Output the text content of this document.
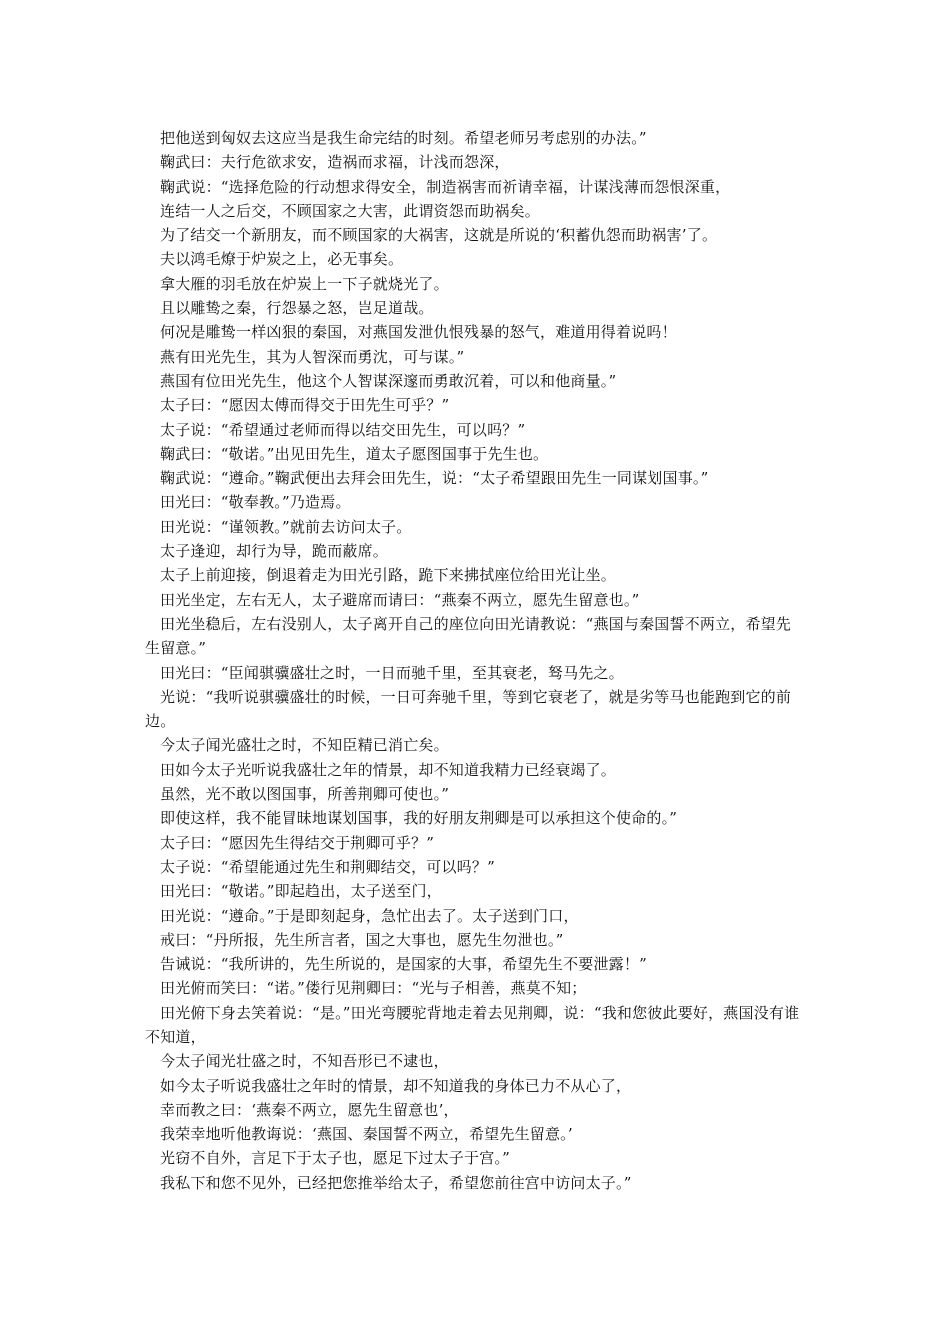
把他送到匈奴去这应当是我生命完结的时刻。希望老师另考虑别的办法。”
鞠武曰：夫行危欲求安，造祸而求福，计浅而怨深，
鞠武说：“选择危险的行动想求得安全，制造祸害而祈请幸福，计谋浅薄而怨恨深重，
连结一人之后交，不顾国家之大害，此谓资怨而助祸矣。
为了结交一个新朋友，而不顾国家的大祸害，这就是所说的‘积蓄仇怨而助祸害’了。
夫以鸿毛燎于炉炭之上，必无事矣。
拿大雁的羽毛放在炉炭上一下子就烧光了。
且以雕鸷之秦，行怨暴之怒，岂足道哉。
何况是雕鸷一样凶狠的秦国，对燕国发泄仇恨残暴的怒气，难道用得着说吗！
燕有田光先生，其为人智深而勇沈，可与谋。”
燕国有位田光先生，他这个人智谋深邃而勇敢沉着，可以和他商量。”
太子曰：“愿因太傅而得交于田先生可乎？”
太子说：“希望通过老师而得以结交田先生，可以吗？”
鞠武曰：“敬诺。”出见田先生，道太子愿图国事于先生也。
鞠武说：“遵命。”鞠武便出去拜会田先生，说：“太子希望跟田先生一同谋划国事。”
田光曰：“敬奉教。”乃造焉。
田光说：“谨领教。”就前去访问太子。
太子逢迎，却行为导，跪而蔽席。
太子上前迎接，倒退着走为田光引路，跪下来拂拭座位给田光让坐。
田光坐定，左右无人，太子避席而请曰：“燕秦不两立，愿先生留意也。”
田光坐稳后，左右没别人，太子离开自己的座位向田光请教说：“燕国与秦国誓不两立，希望先生留意。”
田光曰：“臣闻骐骥盛壮之时，一日而驰千里，至其衰老，驽马先之。
光说：“我听说骐骥盛壮的时候，一日可奔驰千里，等到它衰老了，就是劣等马也能跑到它的前边。
今太子闻光盛壮之时，不知臣精已消亡矣。
田如今太子光听说我盛壮之年的情景，却不知道我精力已经衰竭了。
虽然，光不敢以图国事，所善荆卿可使也。”
即使这样，我不能冒昧地谋划国事，我的好朋友荆卿是可以承担这个使命的。”
太子曰：“愿因先生得结交于荆卿可乎？”
太子说：“希望能通过先生和荆卿结交，可以吗？”
田光曰：“敬诺。”即起趋出，太子送至门，
田光说：“遵命。”于是即刻起身，急忙出去了。太子送到门口，
戒曰：“丹所报，先生所言者，国之大事也，愿先生勿泄也。”
告诫说：“我所讲的，先生所说的，是国家的大事，希望先生不要泄露！”
田光俯而笑曰：“诺。”偻行见荆卿曰：“光与子相善，燕莫不知；
田光俯下身去笑着说：“是。”田光弯腰驼背地走着去见荆卿，说：“我和您彼此要好，燕国没有谁不知道，
今太子闻光壮盛之时，不知吾形已不逮也，
如今太子听说我盛壮之年时的情景，却不知道我的身体已力不从心了，
幸而教之曰：‘燕秦不两立，愿先生留意也’，
我荣幸地听他教诲说：‘燕国、秦国誓不两立，希望先生留意。’
光窃不自外，言足下于太子也，愿足下过太子于宫。”
我私下和您不见外，已经把您推举给太子，希望您前往宫中访问太子。”
